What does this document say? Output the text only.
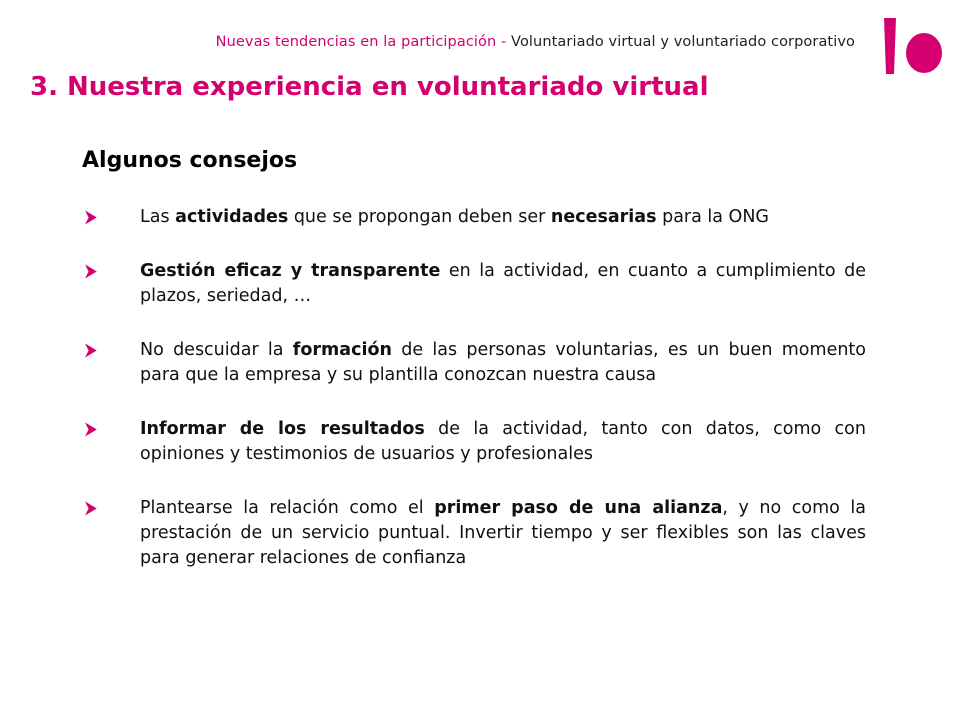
Nuevas tendencias en la participación - Voluntariado virtual y voluntariado corporativo
3. Nuestra experiencia en voluntariado virtual
Algunos consejos
Las actividades que se propongan deben ser necesarias para la ONG
Gestión eficaz y transparente en la actividad, en cuanto a cumplimiento de plazos, seriedad, …
No descuidar la formación de las personas voluntarias, es un buen momento para que la empresa y su plantilla conozcan nuestra causa
Informar de los resultados de la actividad, tanto con datos, como con opiniones y testimonios de usuarios y profesionales
Plantearse la relación como el primer paso de una alianza, y no como la prestación de un servicio puntual. Invertir tiempo y ser flexibles son las claves para generar relaciones de confianza
